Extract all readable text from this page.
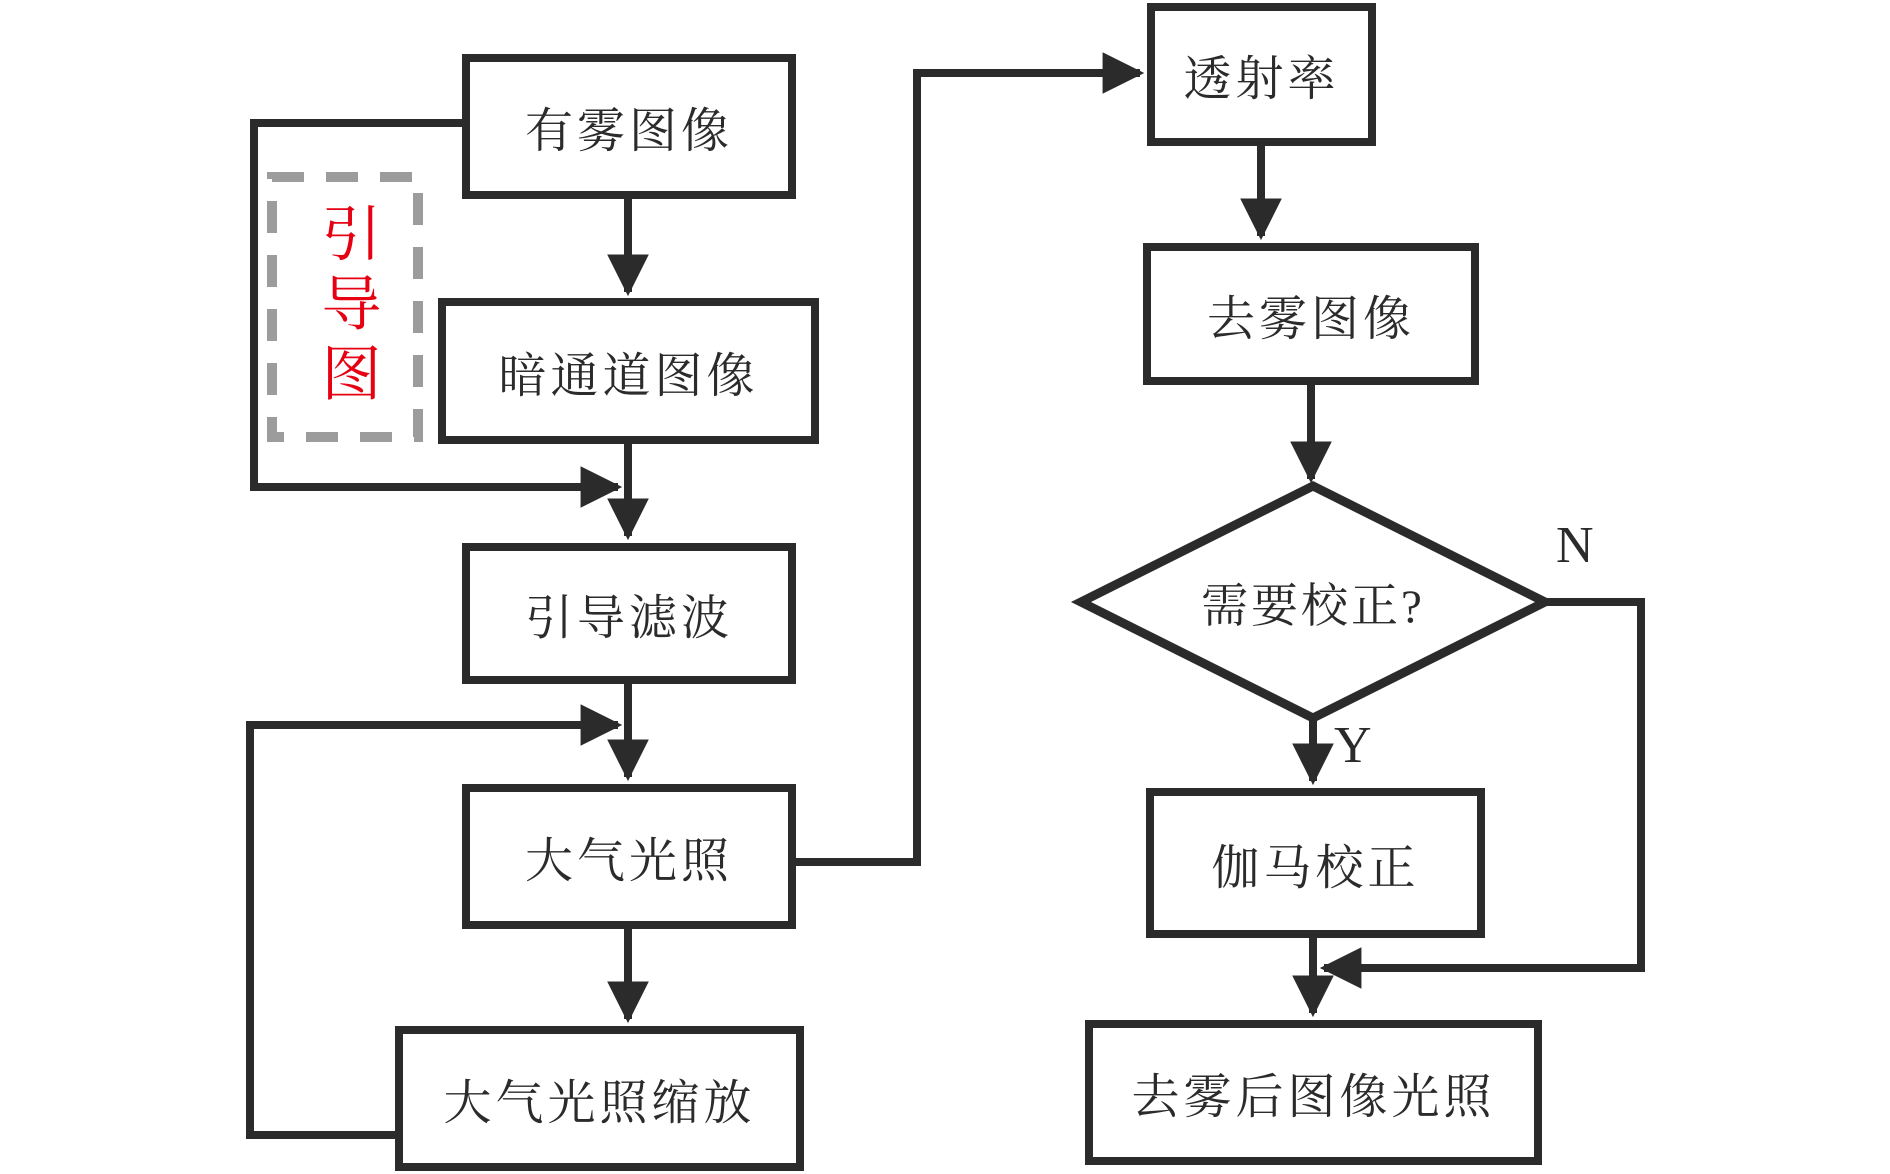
有雾图像
引导图 暗通道图像
引导滤波
大气光照
大气光照缩放
透射率
去雾图像
需要校正?
Y
N
伽马校正
去雾后图像光照
